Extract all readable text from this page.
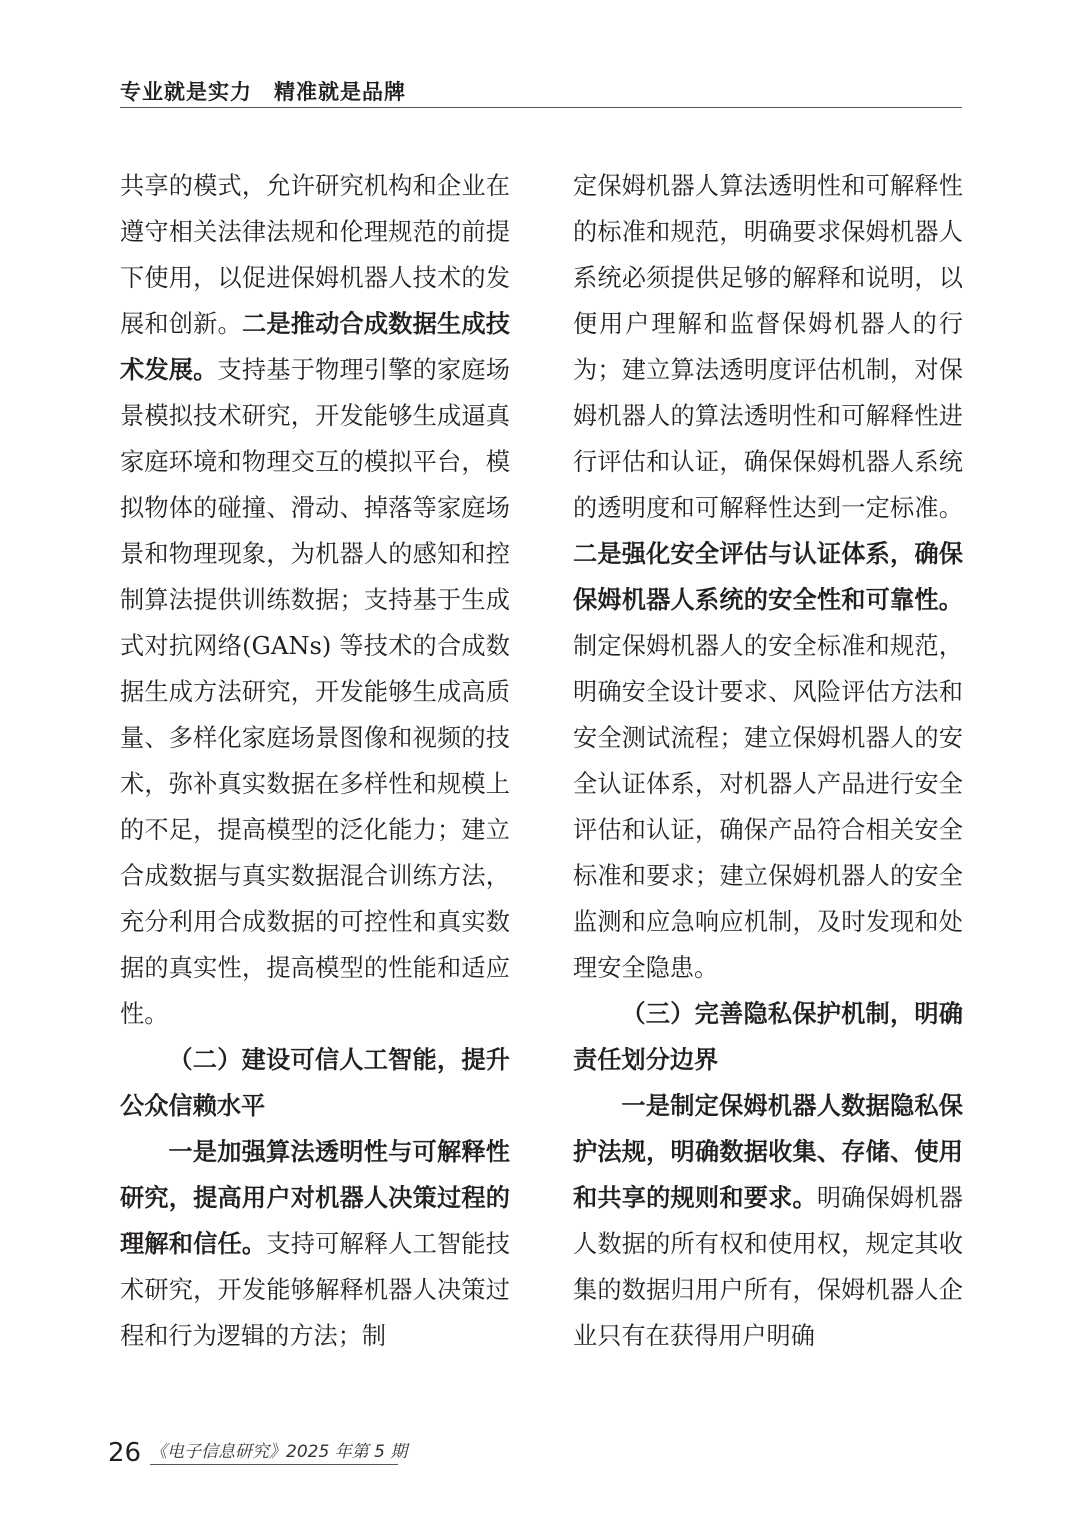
专业就是实力　精准就是品牌

共享的模式，允许研究机构和企业在遵守相关法律法规和伦理规范的前提下使用，以促进保姆机器人技术的发展和创新。二是推动合成数据生成技术发展。支持基于物理引擎的家庭场景模拟技术研究，开发能够生成逼真家庭环境和物理交互的模拟平台，模拟物体的碰撞、滑动、掉落等家庭场景和物理现象，为机器人的感知和控制算法提供训练数据；支持基于生成式对抗网络(GANs) 等技术的合成数据生成方法研究，开发能够生成高质量、多样化家庭场景图像和视频的技术，弥补真实数据在多样性和规模上的不足，提高模型的泛化能力；建立合成数据与真实数据混合训练方法，充分利用合成数据的可控性和真实数据的真实性，提高模型的性能和适应性。

（二）建设可信人工智能，提升公众信赖水平

一是加强算法透明性与可解释性研究，提高用户对机器人决策过程的理解和信任。支持可解释人工智能技术研究，开发能够解释机器人决策过程和行为逻辑的方法；制

定保姆机器人算法透明性和可解释性的标准和规范，明确要求保姆机器人系统必须提供足够的解释和说明，以便用户理解和监督保姆机器人的行为；建立算法透明度评估机制，对保姆机器人的算法透明性和可解释性进行评估和认证，确保保姆机器人系统的透明度和可解释性达到一定标准。二是强化安全评估与认证体系，确保保姆机器人系统的安全性和可靠性。制定保姆机器人的安全标准和规范，明确安全设计要求、风险评估方法和安全测试流程；建立保姆机器人的安全认证体系，对机器人产品进行安全评估和认证，确保产品符合相关安全标准和要求；建立保姆机器人的安全监测和应急响应机制，及时发现和处理安全隐患。

（三）完善隐私保护机制，明确责任划分边界

一是制定保姆机器人数据隐私保护法规，明确数据收集、存储、使用和共享的规则和要求。明确保姆机器人数据的所有权和使用权，规定其收集的数据归用户所有，保姆机器人企业只有在获得用户明确

26 《电子信息研究》2025 年第 5 期
